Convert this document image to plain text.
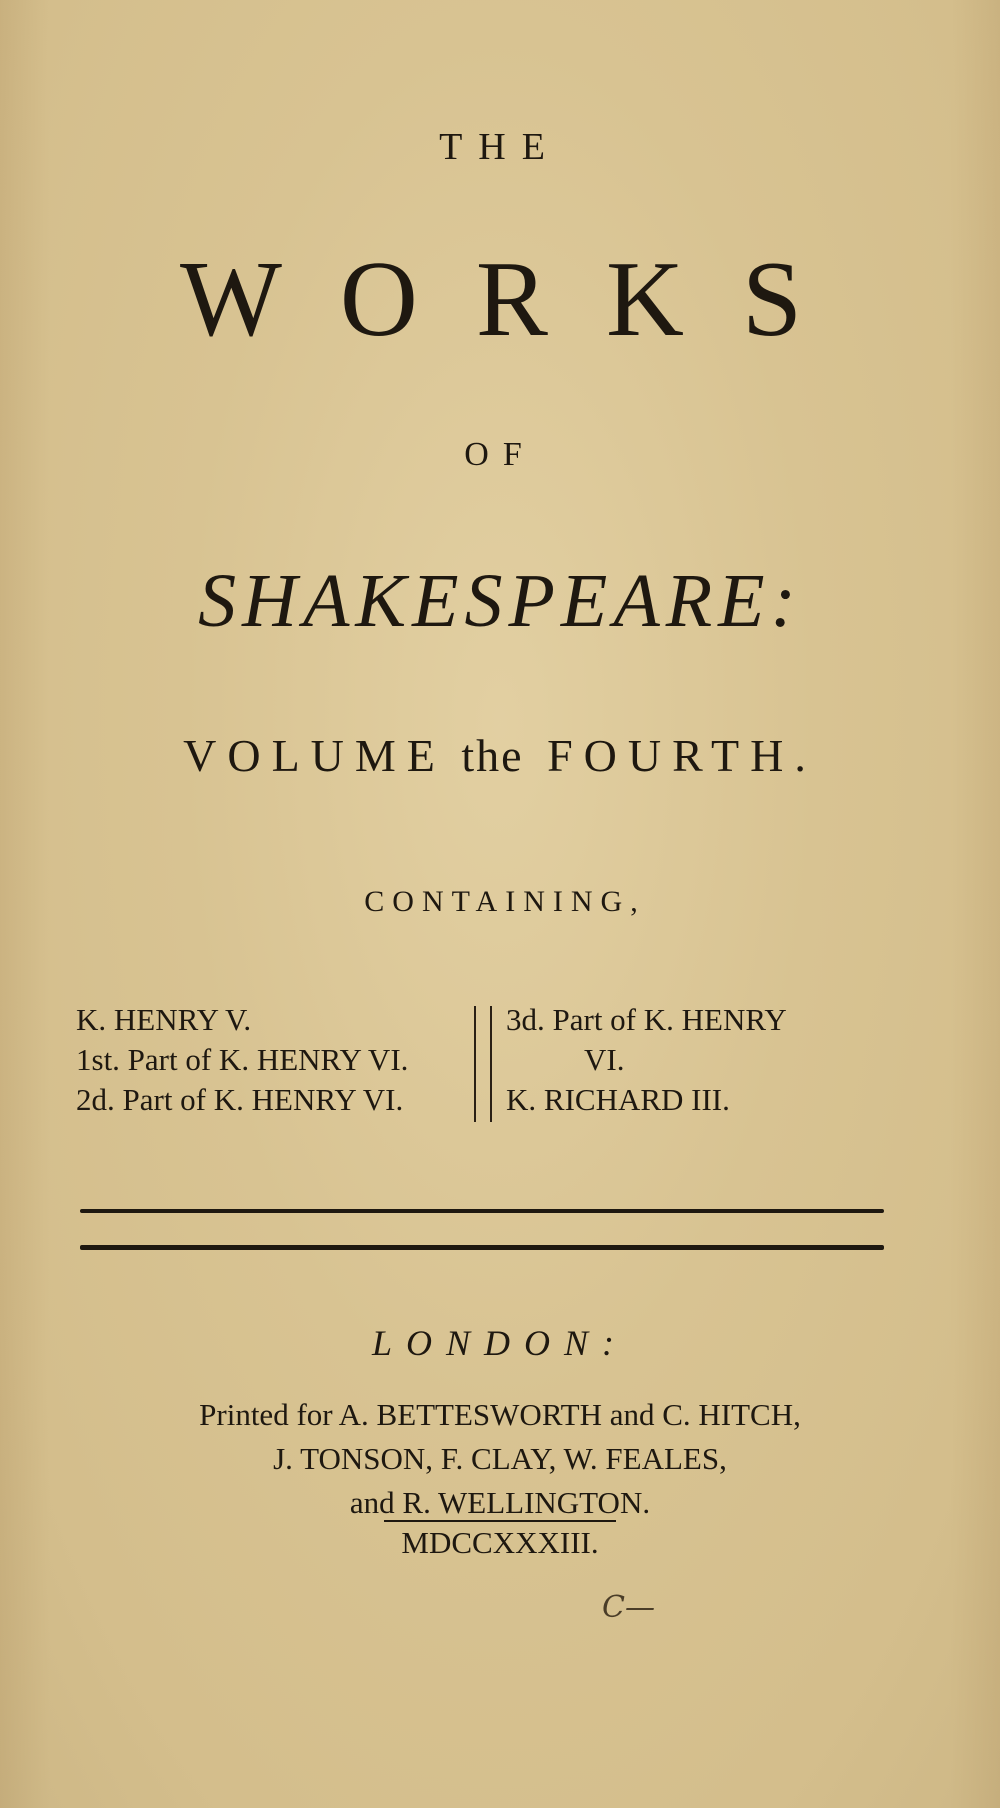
THE
WORKS
OF
SHAKESPEARE:
VOLUME the FOURTH.
CONTAINING,
K. HENRY V.
1st. Part of K. HENRY VI.
2d. Part of K. HENRY VI.
3d. Part of K. HENRY
VI.
K. RICHARD III.
LONDON:
Printed for A. BETTESWORTH and C. HITCH,
J. TONSON, F. CLAY, W. FEALES,
and R. WELLINGTON.
MDCCXXXIII.
C—
